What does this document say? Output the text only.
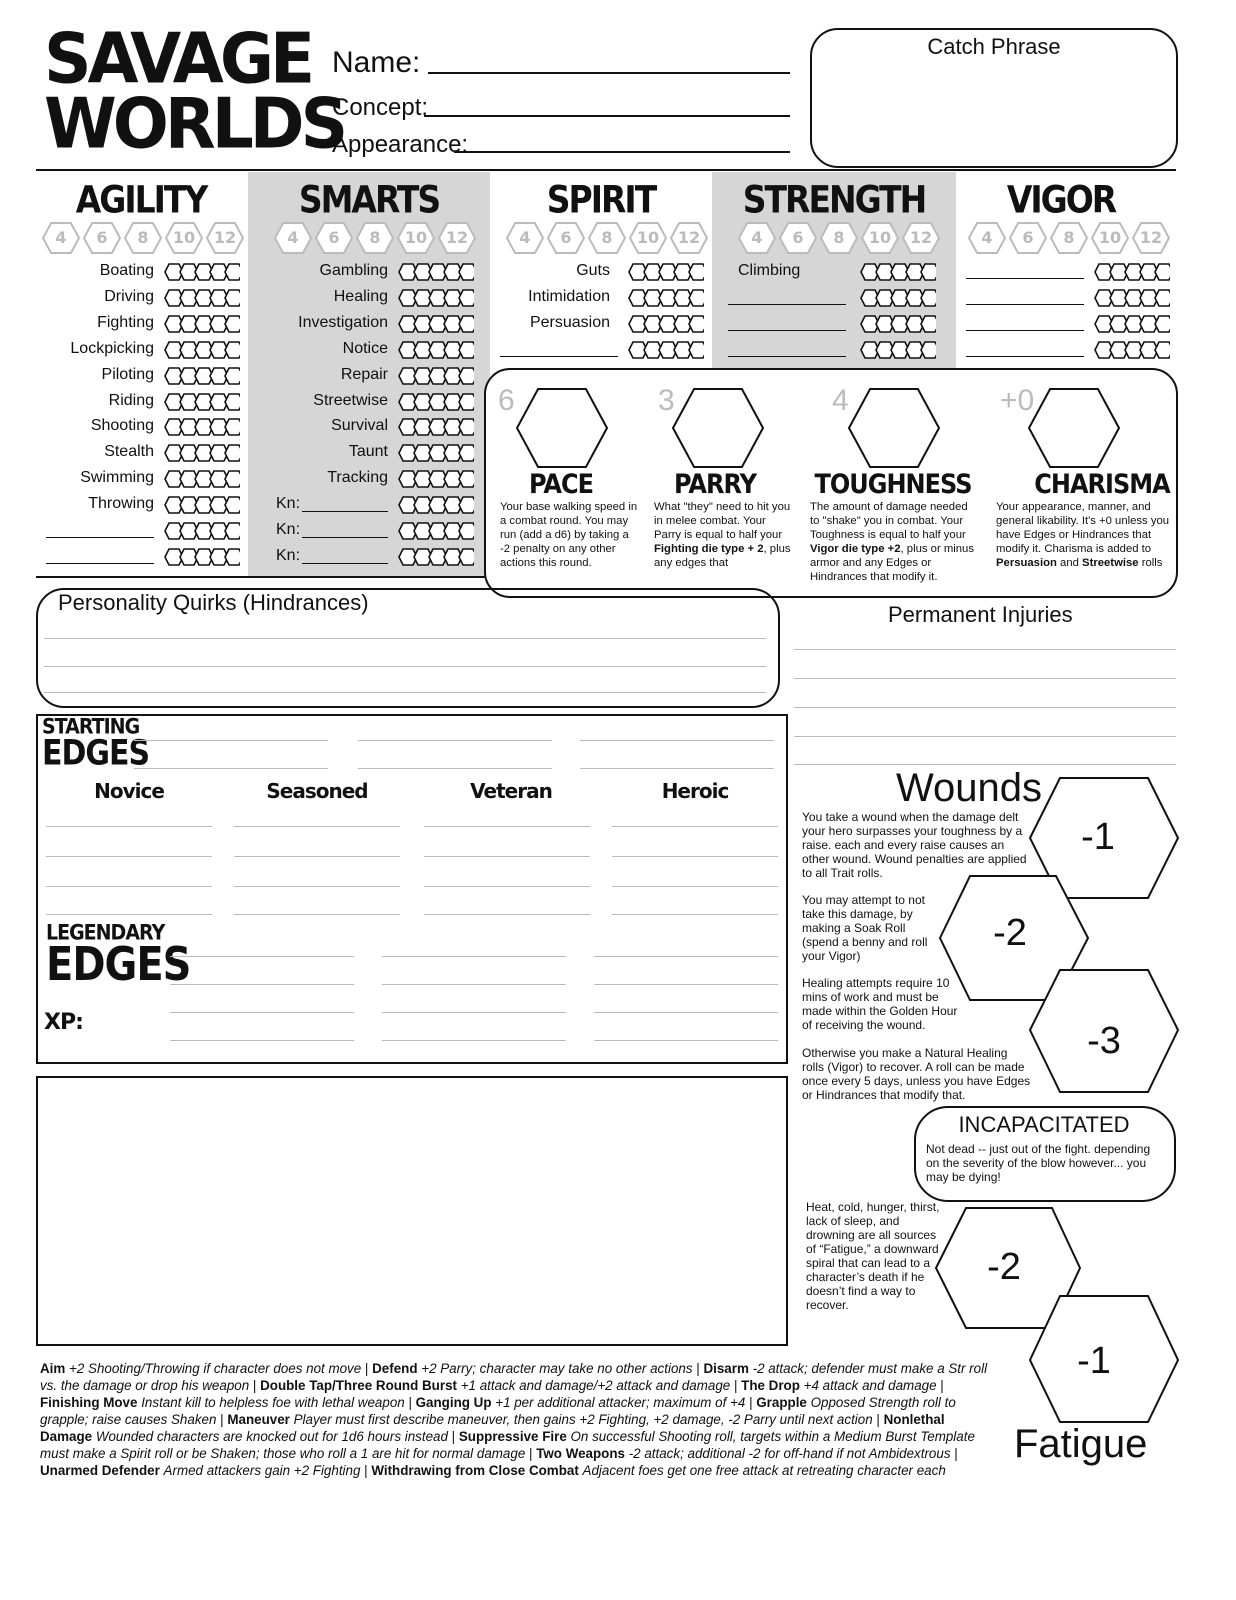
SAVAGE
WORLDS
Name:
Concept:
Appearance:
Catch Phrase
AGILITY	SMARTS	SPIRIT	STRENGTH	VIGOR
4	6	8	10	12	4	6	8	10	12	4	6	8	10	12	4	6	8	10	12	4	6	8	10	12
Boating
Driving
Fighting
Lockpicking
Piloting
Riding
Shooting
Stealth
Swimming
Throwing
Gambling
Healing
Investigation
Notice
Repair
Streetwise
Survival
Taunt
Tracking
Kn:
Kn:
Kn:
Guts
Intimidation
Persuasion
Climbing
6
PACE
Your base walking speed in a combat round. You may run (add a d6) by taking a -2 penalty on any other actions this round.
3
PARRY
What "they" need to hit you in melee combat. Your Parry is equal to half your Fighting die type + 2, plus any edges that
4
TOUGHNESS
The amount of damage needed to "shake" you in combat. Your Toughness is equal to half your Vigor die type +2, plus or minus armor and any Edges or Hindrances that modify it.
+0
CHARISMA
Your appearance, manner, and general likability. It's +0 unless you have Edges or Hindrances that modify it. Charisma is added to Persuasion and Streetwise rolls
Personality Quirks (Hindrances)	Permanent Injuries
STARTING
EDGES
Novice	Seasoned	Veteran	Heroic
LEGENDARY
EDGES
XP:
Wounds
You take a wound when the damage delt your hero surpasses your toughness by a raise. each and every raise causes an other wound. Wound penalties are applied to all Trait rolls.
You may attempt to not take this damage, by making a Soak Roll (spend a benny and roll your Vigor)
Healing attempts require 10 mins of work and must be made within the Golden Hour of receiving the wound.
Otherwise you make a Natural Healing rolls (Vigor) to recover. A roll can be made once every 5 days, unless you have Edges or Hindrances that modify that.
-1
-2
-3
INCAPACITATED
Not dead -- just out of the fight. depending on the severity of the blow however... you may be dying!
Heat, cold, hunger, thirst, lack of sleep, and drowning are all sources of “Fatigue,” a downward spiral that can lead to a character’s death if he doesn’t find a way to recover.
-2
-1
Fatigue
Aim +2 Shooting/Throwing if character does not move | Defend +2 Parry; character may take no other actions | Disarm -2 attack; defender must make a Str roll vs. the damage or drop his weapon | Double Tap/Three Round Burst +1 attack and damage/+2 attack and damage | The Drop +4 attack and damage | Finishing Move Instant kill to helpless foe with lethal weapon | Ganging Up +1 per additional attacker; maximum of +4 | Grapple Opposed Strength roll to grapple; raise causes Shaken | Maneuver Player must first describe maneuver, then gains +2 Fighting, +2 damage, -2 Parry until next action | Nonlethal Damage Wounded characters are knocked out for 1d6 hours instead | Suppressive Fire On successful Shooting roll, targets within a Medium Burst Template must make a Spirit roll or be Shaken; those who roll a 1 are hit for normal damage | Two Weapons -2 attack; additional -2 for off-hand if not Ambidextrous | Unarmed Defender Armed attackers gain +2 Fighting | Withdrawing from Close Combat Adjacent foes get one free attack at retreating character each
